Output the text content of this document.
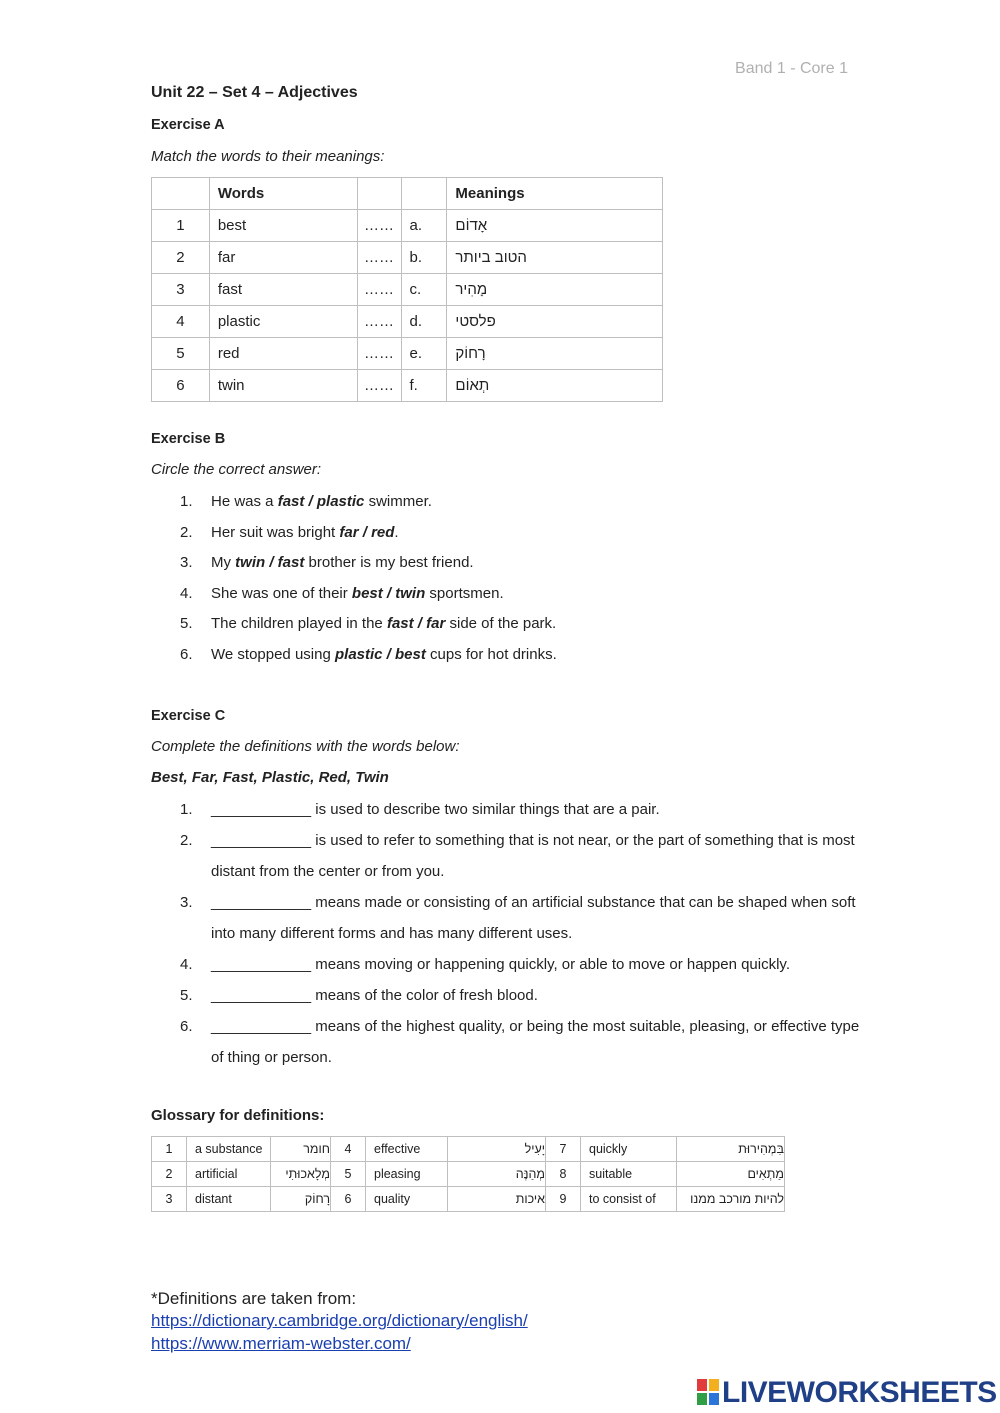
Band 1 - Core 1
Unit 22 – Set 4 – Adjectives
Exercise A
Match the words to their meanings:
	Words			Meanings
1	best	……	a.	אָדוֹם
2	far	……	b.	הטוב ביותר
3	fast	……	c.	מָהִיר
4	plastic	……	d.	פלסטי
5	red	……	e.	רָחוֹק
6	twin	……	f.	תְאוֹם
Exercise B
Circle the correct answer:
1. He was a fast / plastic swimmer.
2. Her suit was bright far / red.
3. My twin / fast brother is my best friend.
4. She was one of their best / twin sportsmen.
5. The children played in the fast / far side of the park.
6. We stopped using plastic / best cups for hot drinks.
Exercise C
Complete the definitions with the words below:
Best, Far, Fast, Plastic, Red, Twin
1. ____________ is used to describe two similar things that are a pair.
2. ____________ is used to refer to something that is not near, or the part of something that is most distant from the center or from you.
3. ____________ means made or consisting of an artificial substance that can be shaped when soft into many different forms and has many different uses.
4. ____________ means moving or happening quickly, or able to move or happen quickly.
5. ____________ means of the color of fresh blood.
6. ____________ means of the highest quality, or being the most suitable, pleasing, or effective type of thing or person.
Glossary for definitions:
1	a substance	חומר	4	effective	יָעִיל	7	quickly	בִּמְהִירוּת
2	artificial	מְלָאכוּתִי	5	pleasing	מְהַנֶּה	8	suitable	מַתְאִים
3	distant	רָחוֹק	6	quality	איכות	9	to consist of	להיות מורכב ממנו
*Definitions are taken from:
https://dictionary.cambridge.org/dictionary/english/
https://www.merriam-webster.com/
LIVEWORKSHEETS
